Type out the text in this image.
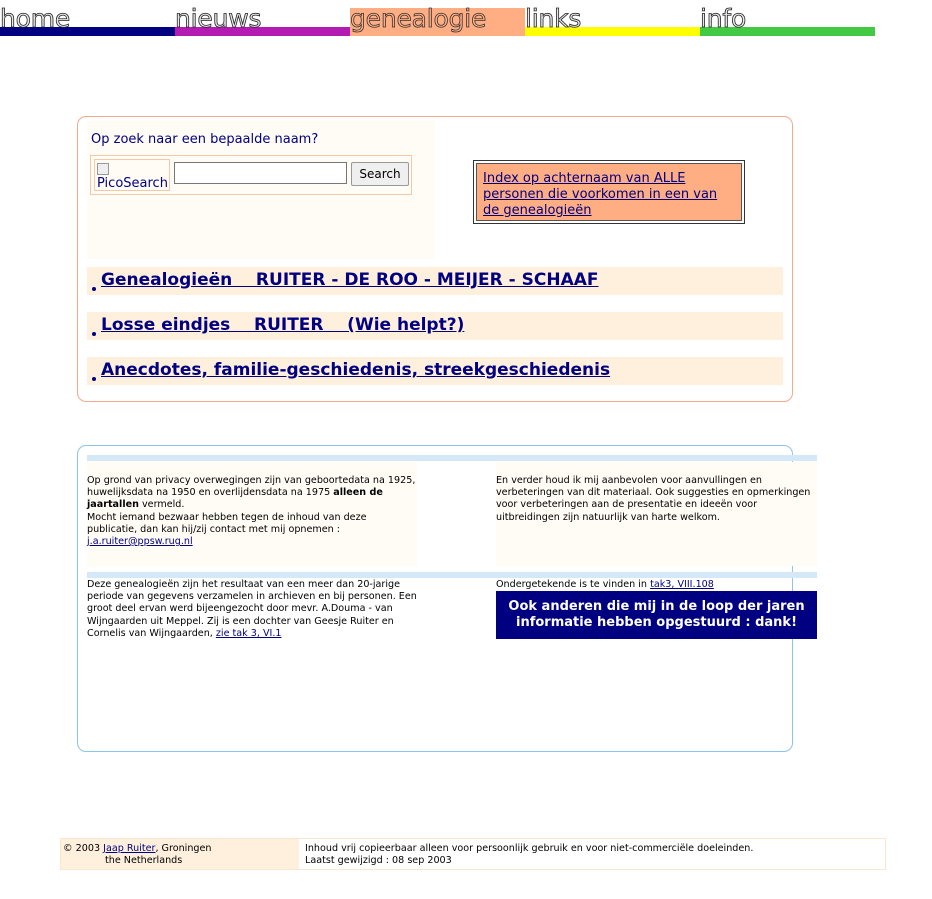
home	nieuws	genealogie links	info
Op zoek naar een bepaalde naam?
PicoSearch
Search	Index op achternaam van ALLE personen die voorkomen in een van de genealogieën
Genealogieën    RUITER - DE ROO - MEIJER - SCHAAF
Losse eindjes    RUITER    (Wie helpt?)
Anecdotes, familie-geschiedenis, streekgeschiedenis
Op grond van privacy overwegingen zijn van geboortedata na 1925, huwelijksdata na 1950 en overlijdensdata na 1975 alleen de jaartallen vermeld.
Mocht iemand bezwaar hebben tegen de inhoud van deze publicatie, dan kan hij/zij contact met mij opnemen :
j.a.ruiter@ppsw.rug.nl
En verder houd ik mij aanbevolen voor aanvullingen en verbeteringen van dit materiaal. Ook suggesties en opmerkingen voor verbeteringen aan de presentatie en ideeën voor uitbreidingen zijn natuurlijk van harte welkom.
Deze genealogieën zijn het resultaat van een meer dan 20-jarige periode van gegevens verzamelen in archieven en bij personen. Een groot deel ervan werd bijeengezocht door mevr. A.Douma - van Wijngaarden uit Meppel. Zij is een dochter van Geesje Ruiter en Cornelis van Wijngaarden, zie tak 3, VI.1
Ondergetekende is te vinden in tak3, VIII.108
Ook anderen die mij in de loop der jaren informatie hebben opgestuurd : dank!
© 2003 Jaap Ruiter, Groningen
the Netherlands
Inhoud vrij copieerbaar alleen voor persoonlijk gebruik en voor niet-commerciële doeleinden.
Laatst gewijzigd : 08 sep 2003
